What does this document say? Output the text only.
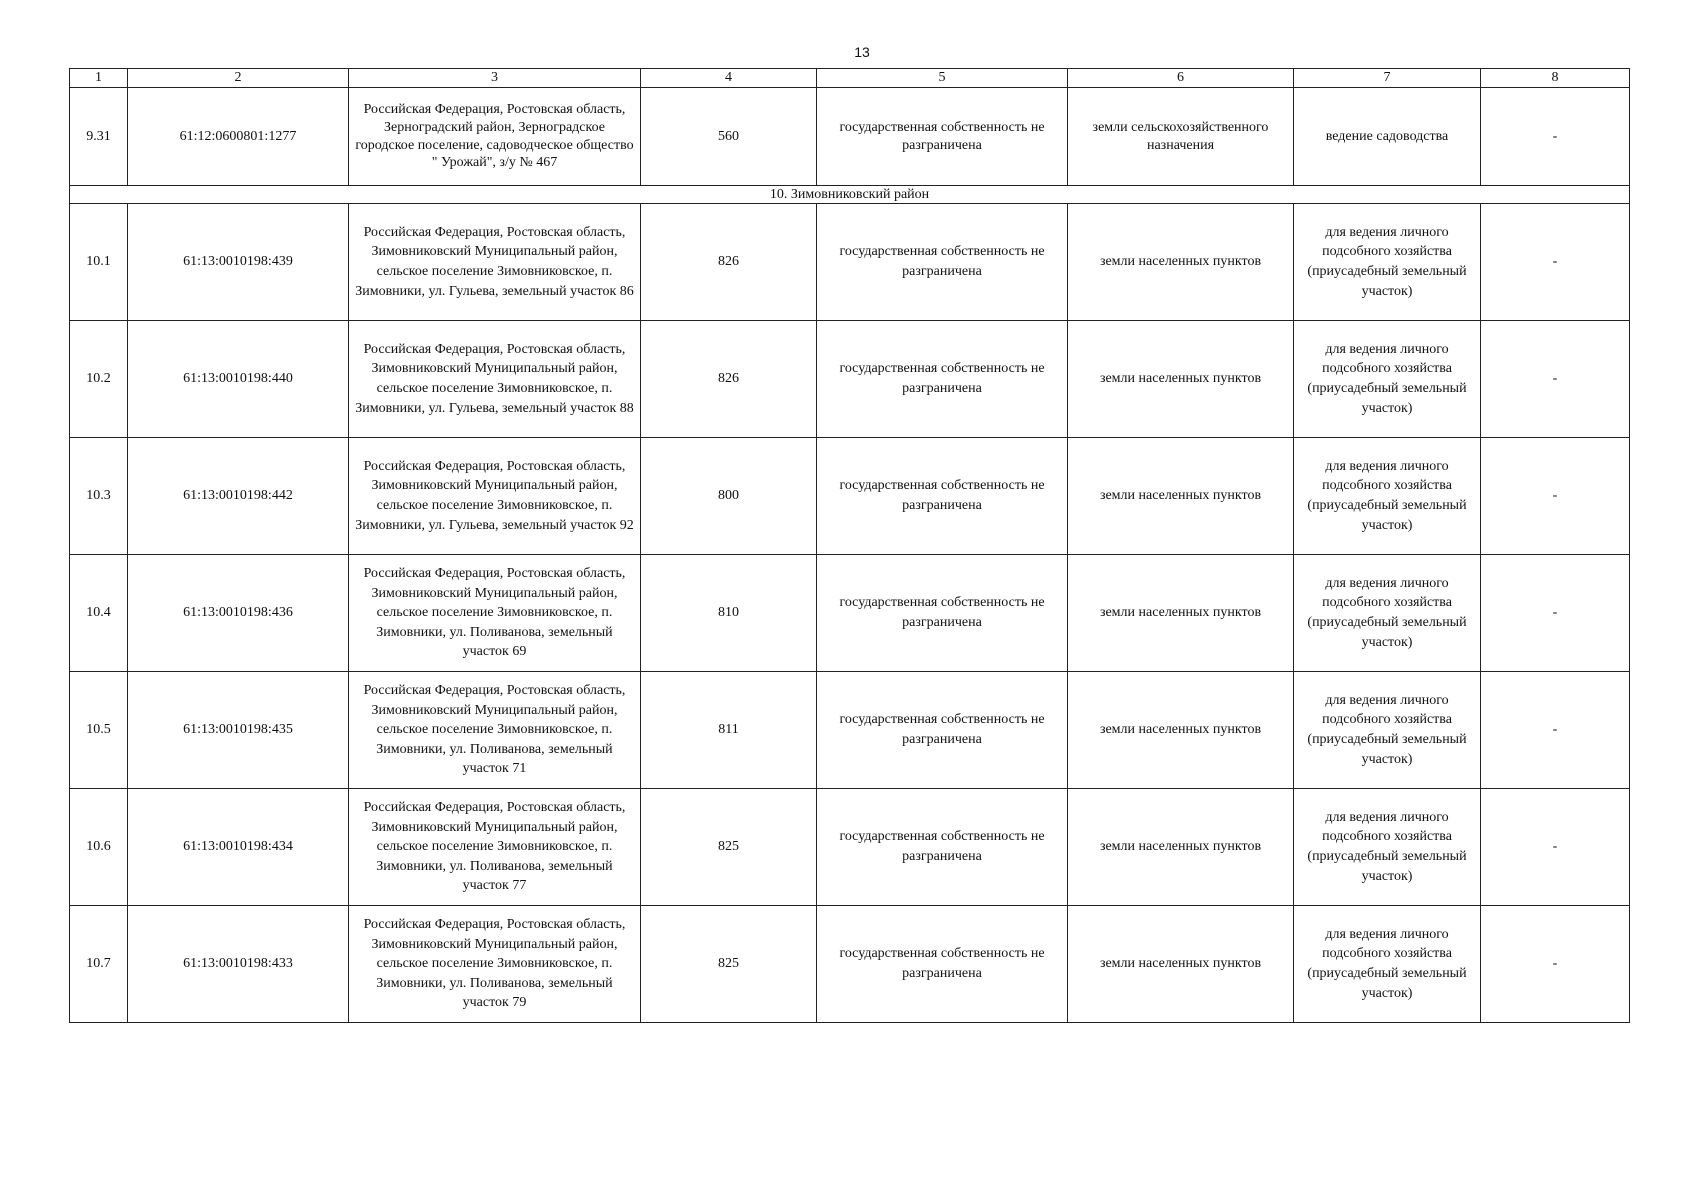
13
1	2	3	4	5	6	7	8
9.31	61:12:0600801:1277	Российская Федерация, Ростовская область, Зерноградский район, Зерноградское городское поселение, садоводческое общество " Урожай", з/у № 467	560	государственная собственность не разграничена	земли сельскохозяйственного назначения	ведение садоводства	-
10. Зимовниковский район							
10.1	61:13:0010198:439	Российская Федерация, Ростовская область, Зимовниковский Муниципальный район, сельское поселение Зимовниковское, п. Зимовники, ул. Гульева, земельный участок 86	826	государственная собственность не разграничена	земли населенных пунктов	для ведения личного подсобного хозяйства (приусадебный земельный участок)	-
10.2	61:13:0010198:440	Российская Федерация, Ростовская область, Зимовниковский Муниципальный район, сельское поселение Зимовниковское, п. Зимовники, ул. Гульева, земельный участок 88	826	государственная собственность не разграничена	земли населенных пунктов	для ведения личного подсобного хозяйства (приусадебный земельный участок)	-
10.3	61:13:0010198:442	Российская Федерация, Ростовская область, Зимовниковский Муниципальный район, сельское поселение Зимовниковское, п. Зимовники, ул. Гульева, земельный участок 92	800	государственная собственность не разграничена	земли населенных пунктов	для ведения личного подсобного хозяйства (приусадебный земельный участок)	-
10.4	61:13:0010198:436	Российская Федерация, Ростовская область, Зимовниковский Муниципальный район, сельское поселение Зимовниковское, п. Зимовники, ул. Поливанова, земельный участок 69	810	государственная собственность не разграничена	земли населенных пунктов	для ведения личного подсобного хозяйства (приусадебный земельный участок)	-
10.5	61:13:0010198:435	Российская Федерация, Ростовская область, Зимовниковский Муниципальный район, сельское поселение Зимовниковское, п. Зимовники, ул. Поливанова, земельный участок 71	811	государственная собственность не разграничена	земли населенных пунктов	для ведения личного подсобного хозяйства (приусадебный земельный участок)	-
10.6	61:13:0010198:434	Российская Федерация, Ростовская область, Зимовниковский Муниципальный район, сельское поселение Зимовниковское, п. Зимовники, ул. Поливанова, земельный участок 77	825	государственная собственность не разграничена	земли населенных пунктов	для ведения личного подсобного хозяйства (приусадебный земельный участок)	-
10.7	61:13:0010198:433	Российская Федерация, Ростовская область, Зимовниковский Муниципальный район, сельское поселение Зимовниковское, п. Зимовники, ул. Поливанова, земельный участок 79	825	государственная собственность не разграничена	земли населенных пунктов	для ведения личного подсобного хозяйства (приусадебный земельный участок)	-
